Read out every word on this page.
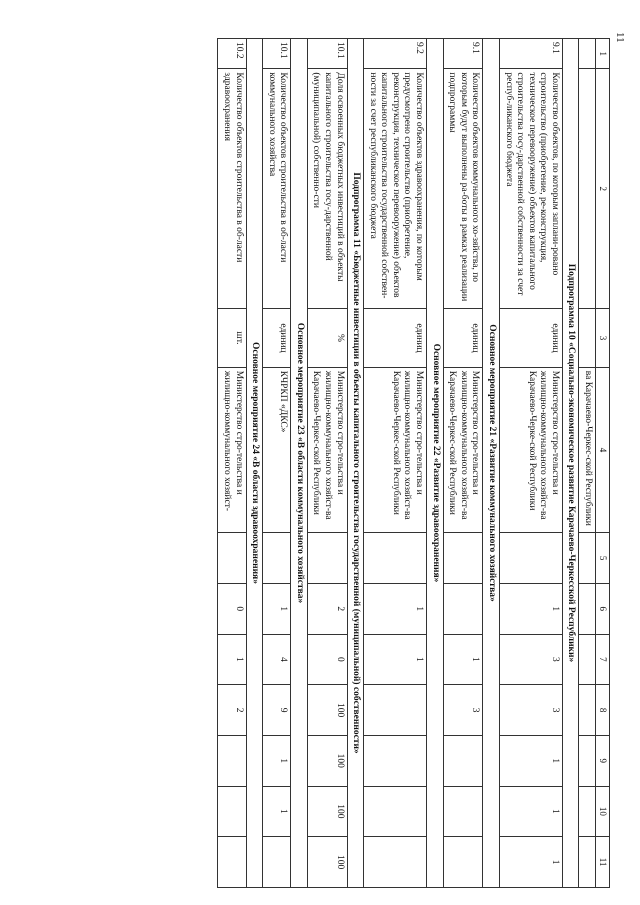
11
1	2	3	4	5	6	7	8	9	10	11
			ва Карачаево-Черкес-ской Республики							
Подпрограмма 10 «Социально-экономическое развитие Карачаево-Черкесской Республики»										
9.1	Количество объектов, по которым заплани-ровано строительство (приобретение, ре-конструкция, техническое перевооружение) объектов капитального строительства госу-дарственной собственности за счет респуб-ликанского бюджета	единиц	Министерство стро-тельства и жилищно-коммунального хозяйст-ва Карачаево-Черке-ской Республики		1	3	3	1	1	1
Основное мероприятие 21 «Развитие коммунального хозяйства»										
9.1	Количество объектов коммунального хо-зяйства, по которым будут выполнены ра-боты в рамках реализации подпрограммы	единиц	Министерство стро-тельства и жилищно-коммунального хозяйст-ва Карачаево-Черкес-ской Республики			1	3			
Основное мероприятие 22 «Развитие здравоохранения»										
9.2	Количество объектов здравоохранения, по которым предусмотрено строительство (приобретение, реконструкция, техническое перевооружение) объектов капитального строительства государственной собствен-ности за счет республиканского бюджета	единиц	Министерство стро-тельства и жилищно-коммунального хозяйст-ва Карачаево-Черкес-ской Республики		1	1				
Подпрограмма 11 «Бюджетные инвестиции в объекты капитального строительства государственной (муниципальной) собственности»										
10.1	Доля освоенных бюджетных инвестиций в объекты капитального строительства госу-дарственной (муниципальной) собственно-сти	%	Министерство стро-тельства и жилищно-коммунального хозяйст-ва Карачаево-Черкес-ской Республики		2	0	100	100	100	100
Основное мероприятие 23 «В области коммунального хозяйства»										
10.1	Количество объектов строительства в об-ласти коммунального хозяйства	единиц	КЧРКП «ДКС»		1	4	9	1	1	
Основное мероприятие 24 «В области здравоохранения»										
10.2	Количество объектов строительства в об-ласти здравоохранения	шт.	Министерство стро-тельства и жилищно-коммунального хозяйст-		0	1	2			
